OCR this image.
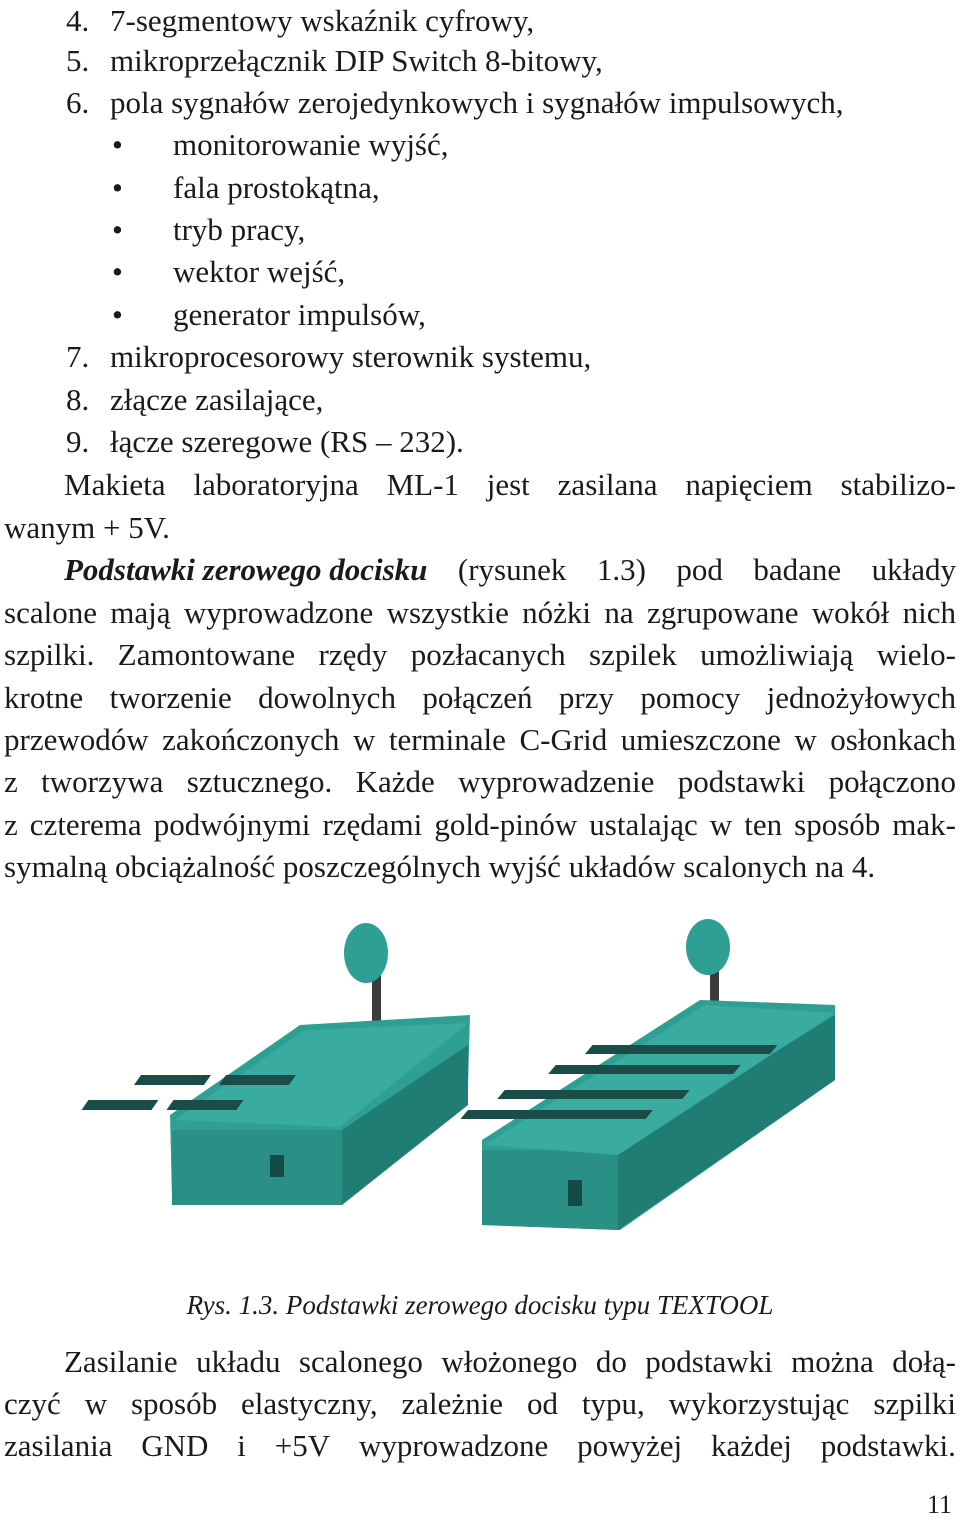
4. 7-segmentowy wskaźnik cyfrowy,
5. mikroprzełącznik DIP Switch 8-bitowy,
6. pola sygnałów zerojedynkowych i sygnałów impulsowych,
• monitorowanie wyjść,
• fala prostokątna,
• tryb pracy,
• wektor wejść,
• generator impulsów,
7. mikroprocesorowy sterownik systemu,
8. złącze zasilające,
9. łącze szeregowe (RS – 232).
Makieta laboratoryjna ML-1 jest zasilana napięciem stabilizo-
wanym + 5V.
Podstawki zerowego docisku (rysunek 1.3) pod badane układy
scalone mają wyprowadzone wszystkie nóżki na zgrupowane wokół nich
szpilki. Zamontowane rzędy pozłacanych szpilek umożliwiają wielo-
krotne tworzenie dowolnych połączeń przy pomocy jednożyłowych
przewodów zakończonych w terminale C-Grid umieszczone w osłonkach
z tworzywa sztucznego. Każde wyprowadzenie podstawki połączono
z czterema podwójnymi rzędami gold-pinów ustalając w ten sposób mak-
symalną obciążalność poszczególnych wyjść układów scalonych na 4.
Rys. 1.3. Podstawki zerowego docisku typu TEXTOOL
Zasilanie układu scalonego włożonego do podstawki można dołą-
czyć w sposób elastyczny, zależnie od typu, wykorzystując szpilki
zasilania GND i +5V wyprowadzone powyżej każdej podstawki.
11
